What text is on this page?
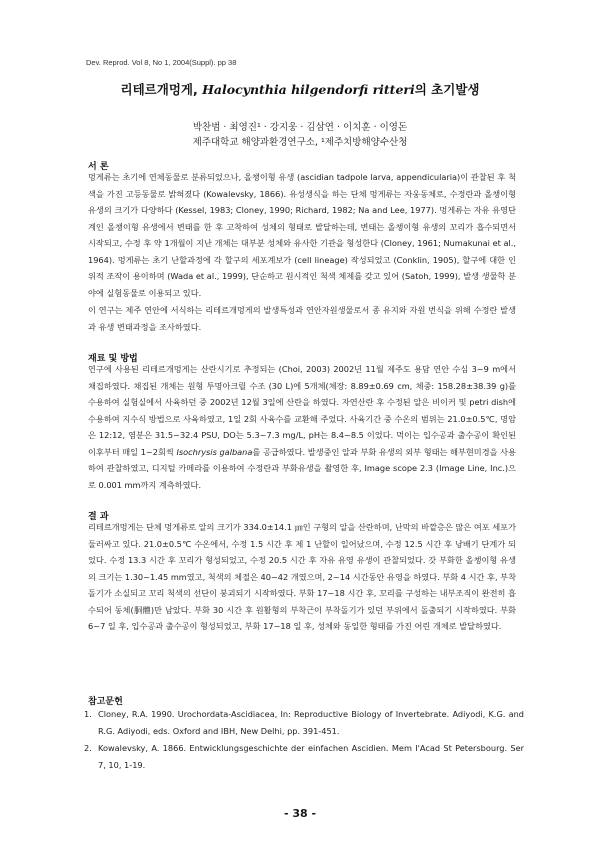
Dev. Reprod. Vol 8, No 1, 2004(Suppl). pp 38
리테르개멍게, Halocynthia hilgendorfi ritteri의 초기발생
박찬범 · 최영진¹ · 강지웅 · 김삼연 · 이치훈 · 이영돈
제주대학교 해양과환경연구소, ¹제주치방해양수산청
서 론

멍게류는 초기에 연체동물로 분류되었으나, 올챙이형 유생 (ascidian tadpole larva, appendicularia)이 관찰된 후 척색을 가진 고등동물로 밝혀졌다 (Kowalevsky, 1866). 유성생식을 하는 단체 멍게류는 자웅동체로, 수정란과 올챙이형 유생의 크기가 다양하다 (Kessel, 1983; Cloney, 1990; Richard, 1982; Na and Lee, 1977). 멍게류는 자유 유영단계인 올챙이형 유생에서 변태를 한 후 고착하여 성체의 형태로 발달하는데, 변태는 올챙이형 유생의 꼬리가 흡수되면서 시작되고, 수정 후 약 1개월이 지난 개체는 대부분 성체와 유사한 기관을 형성한다 (Cloney, 1961; Numakunai et al., 1964). 멍게류는 초기 난할과정에 각 할구의 세포계보가 (cell lineage) 작성되었고 (Conklin, 1905), 할구에 대한 인위적 조작이 용이하며 (Wada et al., 1999), 단순하고 원시적인 척색 체제를 갖고 있어 (Satoh, 1999), 발생 생물학 분야에 실험동물로 이용되고 있다.

이 연구는 제주 연안에 서식하는 리테르개멍게의 발생특성과 연안자원생물로서 종 유지와 자원 번식을 위해 수정란 발생과 유생 변태과정을 조사하였다.

재료 및 방법

연구에 사용된 리테르개멍게는 산란시기로 추정되는 (Choi, 2003) 2002년 11월 제주도 용담 연안 수심 3~9 m에서 채집하였다. 채집된 개체는 원형 투명아크릴 수조 (30 L)에 5개체(체장: 8.89±0.69 cm, 체중: 158.28±38.39 g)를 수용하여 실험실에서 사육하던 중 2002년 12월 3일에 산란을 하였다. 자연산란 후 수정된 알은 비이커 및 petri dish에 수용하여 지수식 방법으로 사육하였고, 1일 2회 사육수를 교환해 주었다. 사육기간 중 수온의 범위는 21.0±0.5℃, 명암은 12:12, 염분은 31.5~32.4 PSU, DO는 5.3~7.3 mg/L, pH는 8.4~8.5 이었다. 먹이는 입수공과 출수공이 확인된 이후부터 매일 1~2회씩 Isochrysis galbana를 공급하였다. 발생중인 알과 부화 유생의 외부 형태는 해부현미경을 사용하여 관찰하였고, 디지털 카메라를 이용하여 수정란과 부화유생을 촬영한 후, Image scope 2.3 (Image Line, Inc.)으로 0.001 mm까지 계측하였다.

결 과

리테르개멍게는 단체 멍게류로 알의 크기가 334.0±14.1 ㎛인 구형의 알을 산란하며, 난막의 바깥층은 많은 여포 세포가 둘러싸고 있다. 21.0±0.5℃ 수온에서, 수정 1.5 시간 후 제 1 난할이 일어났으며, 수정 12.5 시간 후 낭배기 단계가 되었다. 수정 13.3 시간 후 꼬리가 형성되었고, 수정 20.5 시간 후 자유 유영 유생이 관찰되었다. 갓 부화한 올챙이형 유생의 크기는 1.30~1.45 mm였고, 척색의 체절은 40~42 개였으며, 2~14 시간동안 유영을 하였다. 부화 4 시간 후, 부착돌기가 소실되고 꼬리 척색의 선단이 붕괴되기 시작하였다. 부화 17~18 시간 후, 꼬리를 구성하는 내부조직이 완전히 흡수되어 동체(胴體)만 남았다. 부화 30 시간 후 원활형의 부착근이 부착돌기가 있던 부위에서 돌출되기 시작하였다. 부화 6~7 일 후, 입수공과 출수공이 형성되었고, 부화 17~18 일 후, 성체와 동일한 형태를 가진 어린 개체로 발달하였다.

참고문헌
1. Cloney, R.A. 1990. Urochordata-Ascidiacea, In: Reproductive Biology of Invertebrate. Adiyodi, K.G. and R.G. Adiyodi, eds. Oxford and IBH, New Delhi, pp. 391-451.
2. Kowalevsky, A. 1866. Entwicklungsgeschichte der einfachen Ascidien. Mem I'Acad St Petersbourg. Ser 7, 10, 1-19.
- 38 -
